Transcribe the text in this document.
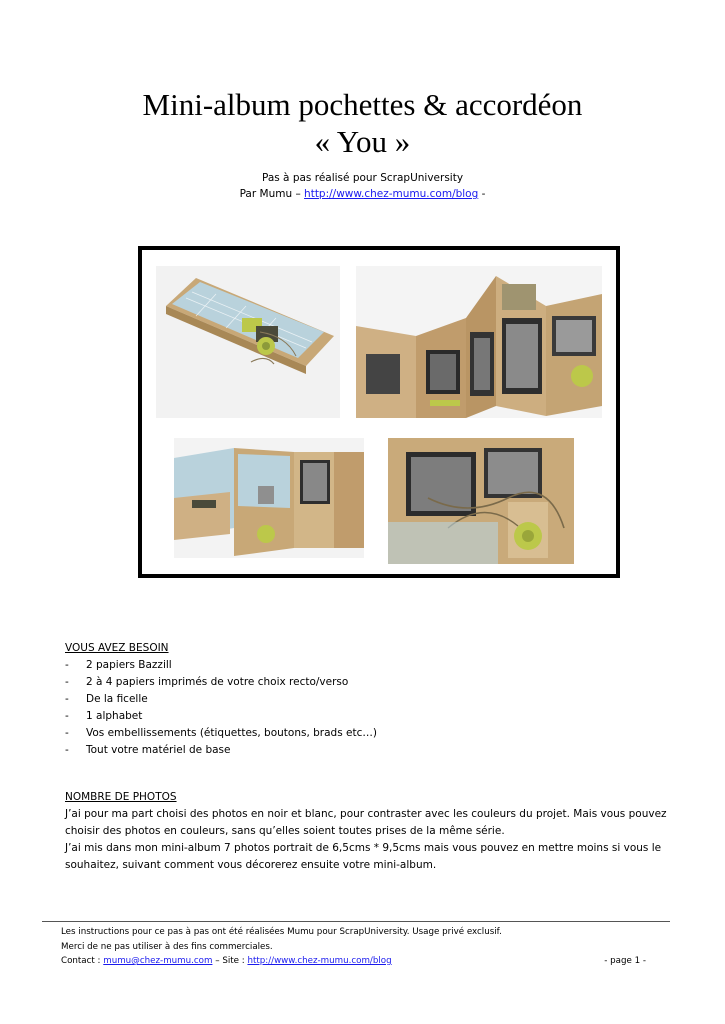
Mini-album pochettes & accordéon
« You »
Pas à pas réalisé pour ScrapUniversity
Par Mumu – http://www.chez-mumu.com/blog -

VOUS AVEZ BESOIN

- 2 papiers Bazzill
- 2 à 4 papiers imprimés de votre choix recto/verso
- De la ficelle
- 1 alphabet
- Vos embellissements (étiquettes, boutons, brads etc…)
- Tout votre matériel de base

NOMBRE DE PHOTOS

J’ai pour ma part choisi des photos en noir et blanc, pour contraster avec les couleurs du projet. Mais vous pouvez choisir des photos en couleurs, sans qu’elles soient toutes prises de la même série.

J’ai mis dans mon mini-album 7 photos portrait de 6,5cms * 9,5cms mais vous pouvez en mettre moins si vous le souhaitez, suivant comment vous décorerez ensuite votre mini-album.

Les instructions pour ce pas à pas ont été réalisées Mumu pour ScrapUniversity. Usage privé exclusif.
Merci de ne pas utiliser à des fins commerciales.
Contact : mumu@chez-mumu.com – Site : http://www.chez-mumu.com/blog	- page 1 -
